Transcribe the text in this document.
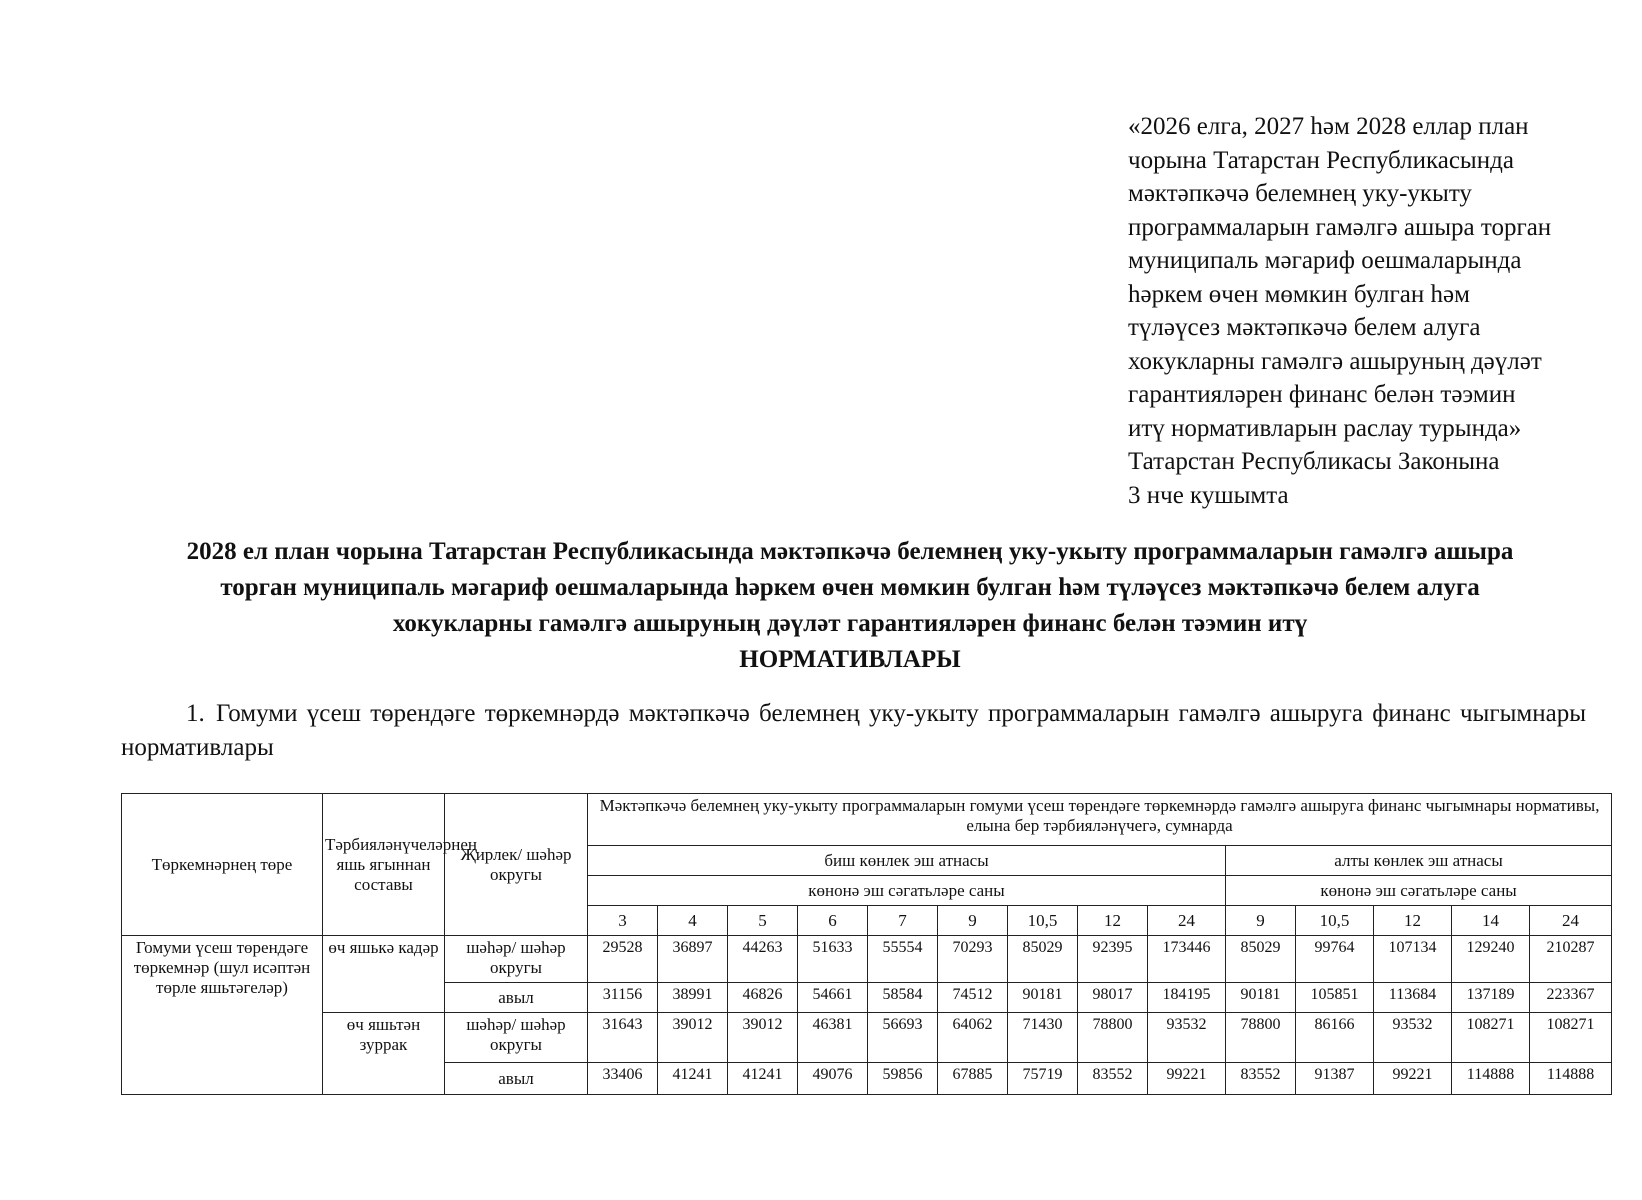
«2026 елга, 2027 һәм 2028 еллар план
чорына Татарстан Республикасында
мәктәпкәчә белемнең уку-укыту
программаларын гамәлгә ашыра торган
муниципаль мәгариф оешмаларында
һәркем өчен мөмкин булган һәм
түләүсез мәктәпкәчә белем алуга
хокукларны гамәлгә ашыруның дәүләт
гарантияләрен финанс белән тәэмин
итү нормативларын раслау турында»
Татарстан Республикасы Законына
3 нче кушымта
2028 ел план чорына Татарстан Республикасында мәктәпкәчә белемнең уку-укыту программаларын гамәлгә ашыра
торган муниципаль мәгариф оешмаларында һәркем өчен мөмкин булган һәм түләүсез мәктәпкәчә белем алуга
хокукларны гамәлгә ашыруның дәүләт гарантияләрен финанс белән тәэмин итү
НОРМАТИВЛАРЫ
1. Гомуми үсеш төрендәге төркемнәрдә мәктәпкәчә белемнең уку-укыту программаларын гамәлгә ашыруга финанс чыгымнары нормативлары
Төркемнәрнең төре	Тәрбияләнүчеләрнең яшь ягыннан составы	Җирлек/ шәһәр округы	Мәктәпкәчә белемнең уку-укыту программаларын гомуми үсеш төрендәге төркемнәрдә гамәлгә ашыруга финанс чыгымнары нормативы, елына бер тәрбияләнүчегә, сумнарда													
			биш көнлек эш атнасы									алты көнлек эш атнасы				
			көнонә эш сәгатьләре саны									көнонә эш сәгатьләре саны				
			3	4	5	6	7	9	10,5	12	24	9	10,5	12	14	24
Гомуми үсеш төрендәге төркемнәр (шул исәптән төрле яшьтәгеләр)	өч яшькә кадәр	шәһәр/ шәһәр округы	29528	36897	44263	51633	55554	70293	85029	92395	173446	85029	99764	107134	129240	210287
		авыл	31156	38991	46826	54661	58584	74512	90181	98017	184195	90181	105851	113684	137189	223367
	өч яшьтән зуррак	шәһәр/ шәһәр округы	31643	39012	39012	46381	56693	64062	71430	78800	93532	78800	86166	93532	108271	108271
		авыл	33406	41241	41241	49076	59856	67885	75719	83552	99221	83552	91387	99221	114888	114888
